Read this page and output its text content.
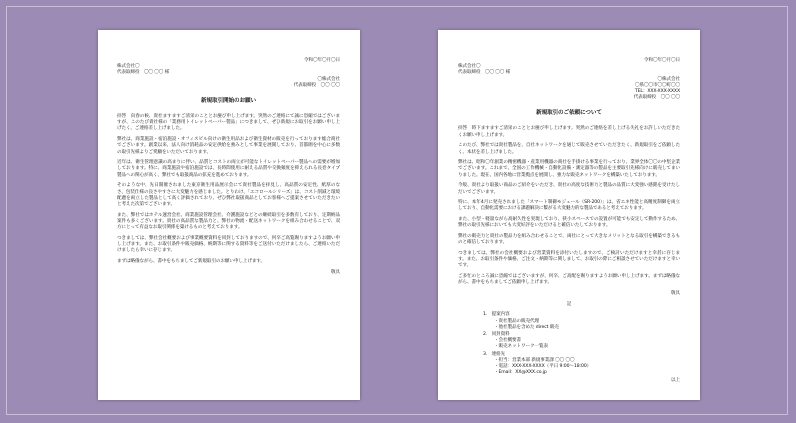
令和〇年〇月〇日
株式会社〇
代表取締役　〇〇 〇〇 様
〇株式会社
代表取締役　〇〇 〇〇
新規取引開始のお願い
拝啓　向春の候、貴社ますますご清栄のこととお慶び申し上げます。突然のご連絡にて誠に恐縮ではございますが、このたび貴社様の「業務用トイレットペーパー製品」につきまして、ぜひ新規にお取引をお願い申し上げたく、ご連絡差し上げました。
弊社は、商業施設・宿泊施設・オフィスビル向けの衛生用品および衛生資材の販売を行っております総合商社でございます。創業以来、法人向け消耗品の安定供給を強みとして事業を展開しており、首都圏を中心に多数の取引先様よりご愛顧をいただいております。
近年は、衛生管理意識の高まりに伴い、品質とコストの両立が可能なトイレットペーパー製品への需要が増加しております。特に、商業施設や宿泊施設では、長時間使用に耐える品質や交換頻度を抑えられる長巻タイプ製品への関心が高く、弊社でも取扱商品の拡充を進めております。
そのような中、先日開催されました東京衛生用品展示会にて貴社製品を拝見し、高品質の安定性、紙厚のなさ、包装仕様の良さやすさに大変魅力を感じました。とりわけ、「エコロールシリーズ」は、コスト削減と環境配慮を両立した製品として高く評価されており、ぜひ弊社取扱商品としてお客様へご提案させていただきたいと考えた次第でございます。
また、弊社ではホテル運営会社、商業施設管理会社、介護施設などとの継続取引を多数有しており、定期納品案件も多くございます。貴社の高品質な製品力と、弊社の物流・配送ネットワークを組み合わせることで、双方にとって有益なお取引関係を築けるものと考えております。
つきましては、弊社会社概要および事業概要資料を同封しておりますので、何卒ご高覧賜りますようお願い申し上げます。また、お取引条件や販売価格、納期等に関する資料等をご送付いただけましたら、ご連絡いただけましたら幸いに存じます。
まずは略儀ながら、書中をもちましてご新規取引のお願い申し上げます。
敬具
令和〇年〇月〇日
株式会社〇
代表取締役　〇〇 〇〇 様
〇株式会社
〇県〇〇市〇〇町〇〇
TEL：XXX-XXX-XXXX
代表取締役　〇〇 〇〇
新規取引のご依頼について
拝啓　時下ますますご清栄のこととお慶び申し上げます。突然のご連絡を差し上げる失礼をお許しいただきたくお願い申し上げます。
このたび、弊社では貴社製品を、自社ネットワークを通じて販売させていただきたく、新規取引をご依頼したく、本状を差し上げました。
弊社は、昭和〇年創業の精密機器・産業用機器の商社を手掛ける事業を行っており、業界全体〇〇の中堅企業でございます。これまで、全国の工作機械・自動化設備・測定器等の製品を主要取引先様向けに販売してまいりました。現在、国内各地に営業拠点を展開し、強力な販売ネットワークを構築いたしております。
今般、貴社より取扱い商品のご紹介をいただき、貴社の高度な技術力と製品の品質に大変強い感銘を受けたしだいでございます。
特に、本年4月に発売されました「スマート制御モジュール（SR-200）」は、省エネ性能と高精度制御を両立しており、自動化需要における課題解決に繋がる大変魅力的な製品であると考えております。
また、小型・軽量ながら高耐久性を実現しており、狭小スペースでの設置が可能でも安定して動作するため、弊社の取引先様においても大変好評をいただけると確信いたしております。
弊社の販売力と貴社の製品力を組み合わせることで、両社にとって大きなメリットとなる取引を構築できるものと確信しております。
つきましては、弊社の会社概要および営業資料を添付いたしますので、ご検討いただけますと幸甚に存じます。また、お取引条件や価格、ご注文・納期等に関しまして、お取引の際にご相談させていただけますと幸いです。
ご多忙のところ誠に恐縮ではございますが、何卒、ご高配を賜りますようお願い申し上げます。まずは略儀ながら、書中をもちましてご依頼申し上げます。
敬具
記
1.　提案内容
・ 貴社製品の販売代理
・ 他社製品を含めた direct 販売
2.　同封資料
・ 会社概要書
・ 販売ネットワーク一覧表
3.　連絡先
・ 担当：営業本部 新規事業課 〇〇 〇〇
・ 電話：XXX-XXX-XXXX（平日 9:00〜18:00）
・ Email：XX@XXX.co.jp
以上
